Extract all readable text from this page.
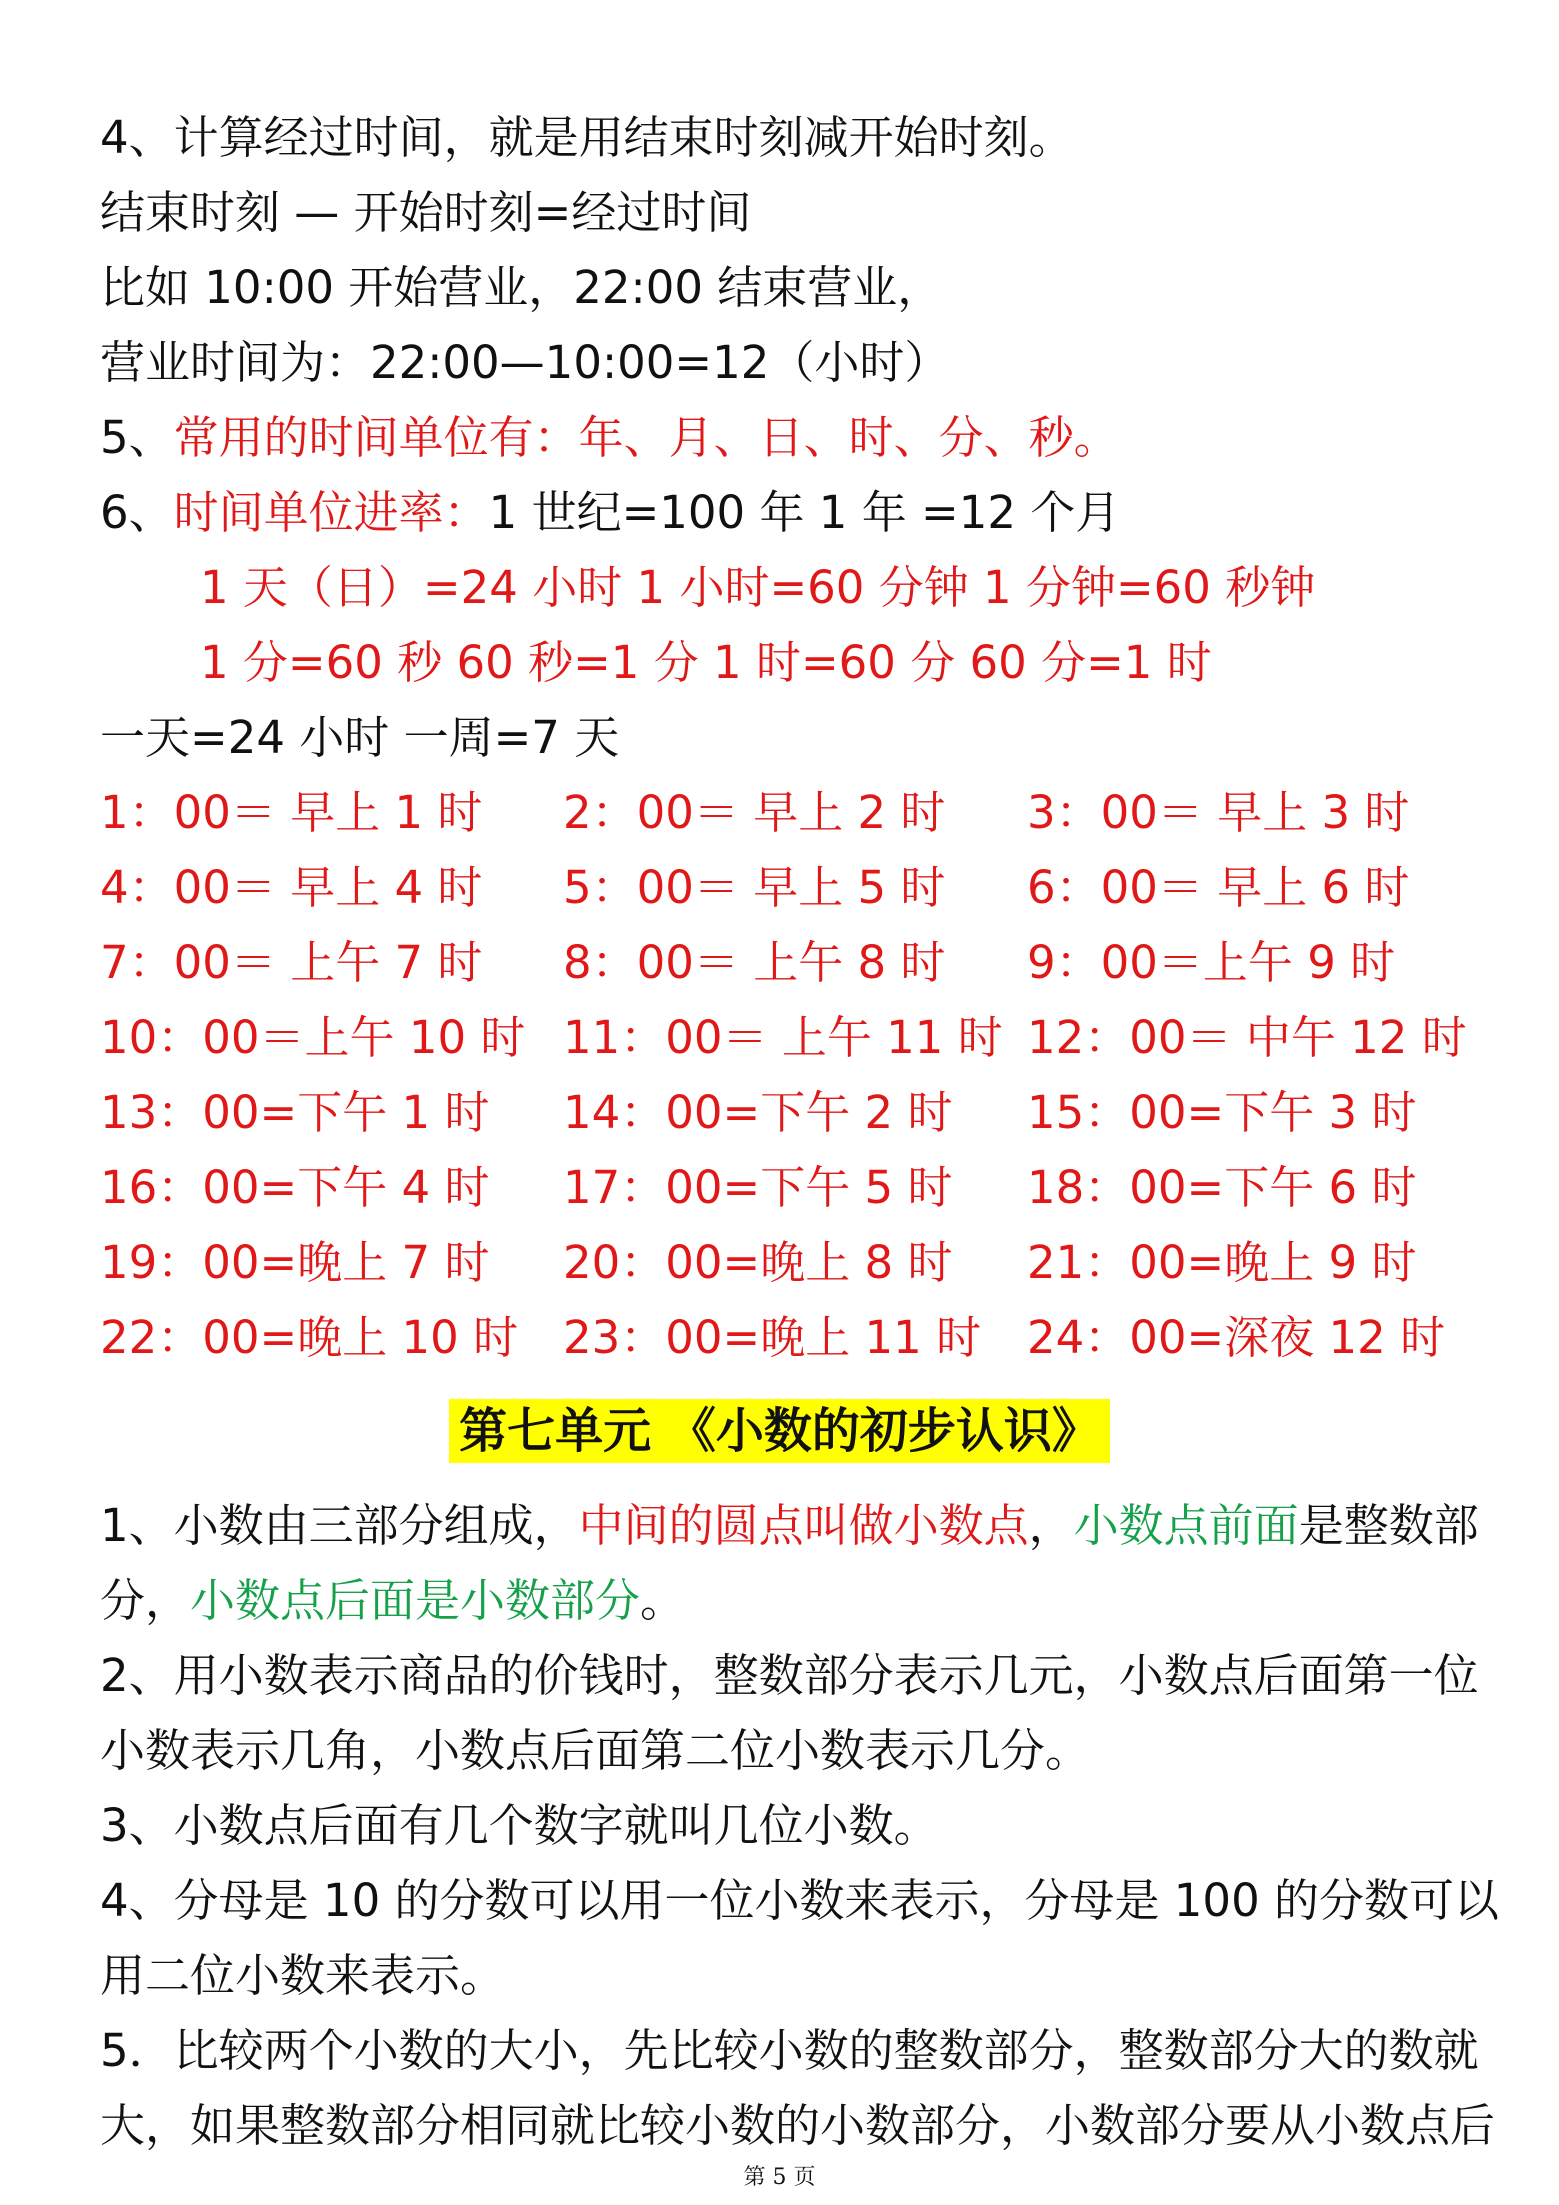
4、计算经过时间，就是用结束时刻减开始时刻。
结束时刻 — 开始时刻=经过时间
比如 10:00 开始营业，22:00 结束营业，
营业时间为：22:00—10:00=12（小时）
5、常用的时间单位有：年、月、日、时、分、秒。
6、时间单位进率：1 世纪=100 年 1 年 =12 个月
1 天（日）=24 小时 1 小时=60 分钟 1 分钟=60 秒钟
1 分=60 秒 60 秒=1 分 1 时=60 分 60 分=1 时
一天=24 小时 一周=7 天
1：00＝ 早上 1 时 2：00＝ 早上 2 时 3：00＝ 早上 3 时
4：00＝ 早上 4 时 5：00＝ 早上 5 时 6：00＝ 早上 6 时
7：00＝ 上午 7 时 8：00＝ 上午 8 时 9：00＝上午 9 时
10：00＝上午 10 时 11：00＝ 上午 11 时 12：00＝ 中午 12 时
13：00=下午 1 时 14：00=下午 2 时 15：00=下午 3 时
16：00=下午 4 时 17：00=下午 5 时 18：00=下午 6 时
19：00=晚上 7 时 20：00=晚上 8 时 21：00=晚上 9 时
22：00=晚上 10 时 23：00=晚上 11 时 24：00=深夜 12 时
第七单元 《小数的初步认识》
1、小数由三部分组成，中间的圆点叫做小数点，小数点前面是整数部
分，小数点后面是小数部分。
2、用小数表示商品的价钱时，整数部分表示几元，小数点后面第一位
小数表示几角，小数点后面第二位小数表示几分。
3、小数点后面有几个数字就叫几位小数。
4、分母是 10 的分数可以用一位小数来表示，分母是 100 的分数可以
用二位小数来表示。
5．比较两个小数的大小，先比较小数的整数部分，整数部分大的数就
大，如果整数部分相同就比较小数的小数部分，小数部分要从小数点后
第 5 页
